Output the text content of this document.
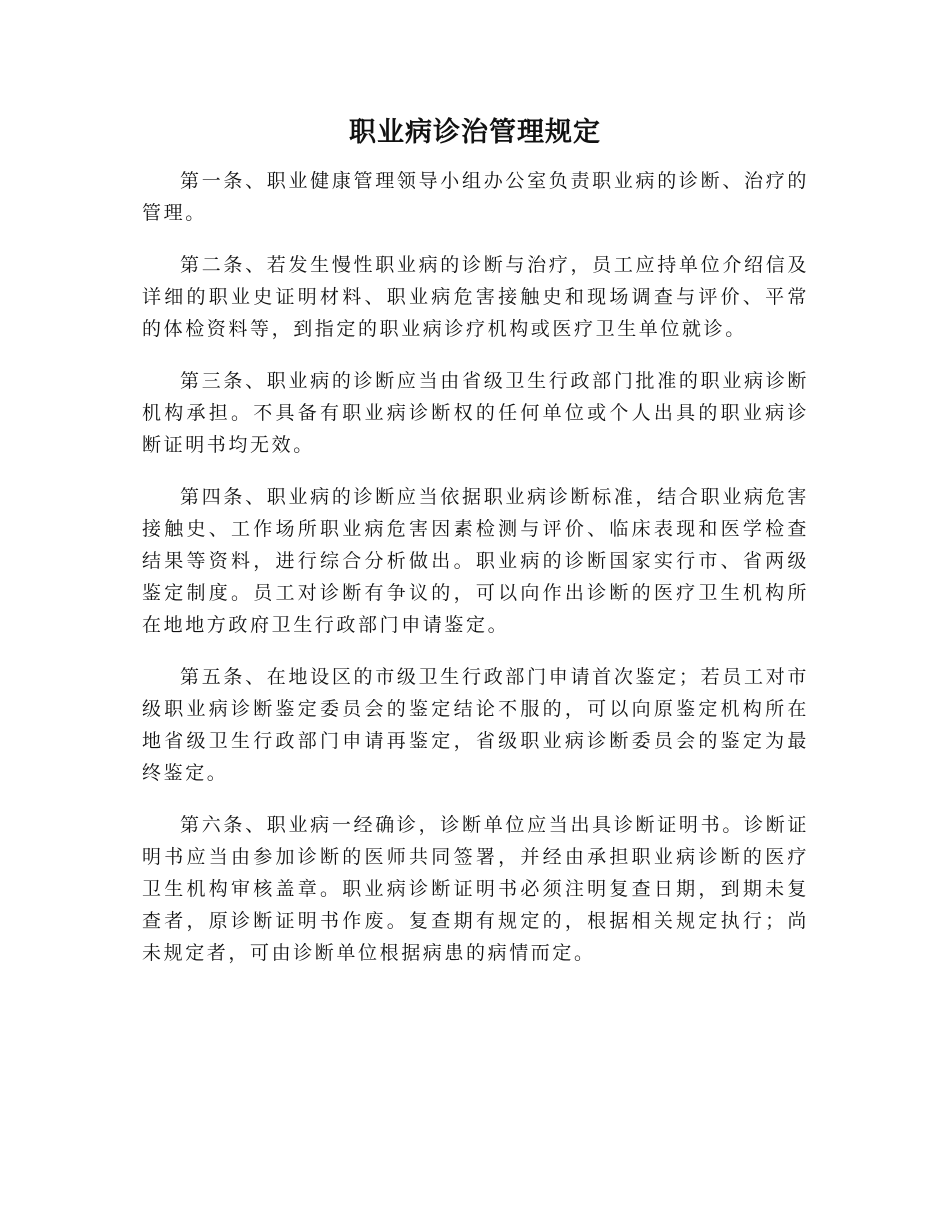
职业病诊治管理规定

第一条、职业健康管理领导小组办公室负责职业病的诊断、治疗的管理。

第二条、若发生慢性职业病的诊断与治疗，员工应持单位介绍信及详细的职业史证明材料、职业病危害接触史和现场调查与评价、平常的体检资料等，到指定的职业病诊疗机构或医疗卫生单位就诊。

第三条、职业病的诊断应当由省级卫生行政部门批准的职业病诊断机构承担。不具备有职业病诊断权的任何单位或个人出具的职业病诊断证明书均无效。

第四条、职业病的诊断应当依据职业病诊断标准，结合职业病危害接触史、工作场所职业病危害因素检测与评价、临床表现和医学检查结果等资料，进行综合分析做出。职业病的诊断国家实行市、省两级鉴定制度。员工对诊断有争议的，可以向作出诊断的医疗卫生机构所在地地方政府卫生行政部门申请鉴定。

第五条、在地设区的市级卫生行政部门申请首次鉴定；若员工对市级职业病诊断鉴定委员会的鉴定结论不服的，可以向原鉴定机构所在地省级卫生行政部门申请再鉴定，省级职业病诊断委员会的鉴定为最终鉴定。

第六条、职业病一经确诊，诊断单位应当出具诊断证明书。诊断证明书应当由参加诊断的医师共同签署，并经由承担职业病诊断的医疗卫生机构审核盖章。职业病诊断证明书必须注明复查日期，到期未复查者，原诊断证明书作废。复查期有规定的，根据相关规定执行；尚未规定者，可由诊断单位根据病患的病情而定。
